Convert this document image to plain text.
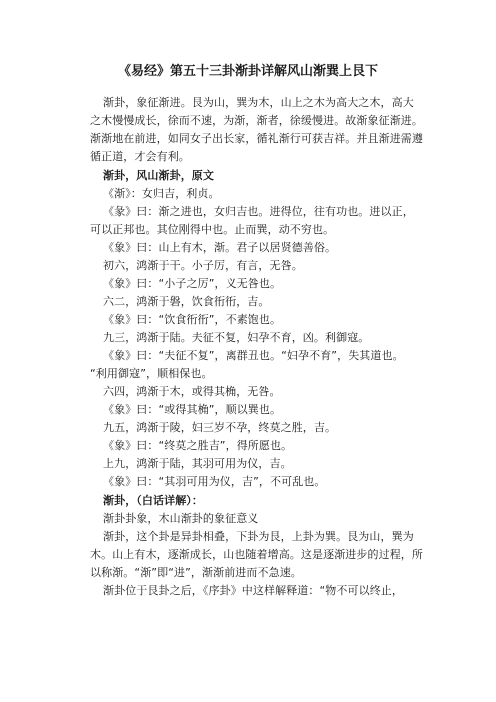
《易经》第五十三卦渐卦详解风山渐巽上艮下
渐卦，象征渐进。艮为山，巽为木，山上之木为高大之木，高大
之木慢慢成长，徐而不速，为渐，渐者，徐缓慢进。故渐象征渐进。
渐渐地在前进，如同女子出长家，循礼渐行可获吉祥。并且渐进需遵
循正道，才会有利。
渐卦，风山渐卦，原文
《渐》：女归吉，利贞。
《彖》曰：渐之进也，女归吉也。进得位，往有功也。进以正，
可以正邦也。其位刚得中也。止而巽，动不穷也。
《象》曰：山上有木，渐。君子以居贤德善俗。
初六，鸿渐于干。小子厉，有言，无咎。
《象》曰：“小子之厉”，义无咎也。
六二，鸿渐于磐，饮食衎衎，吉。
《象》曰：“饮食衎衎”，不素饱也。
九三，鸿渐于陆。夫征不复，妇孕不育，凶。利御寇。
《象》曰：“夫征不复”，离群丑也。“妇孕不育”，失其道也。
“利用御寇”，顺相保也。
六四，鸿渐于木，或得其桷，无咎。
《象》曰：“或得其桷”，顺以巽也。
九五，鸿渐于陵，妇三岁不孕，终莫之胜，吉。
《象》曰：“终莫之胜吉”，得所愿也。
上九，鸿渐于陆，其羽可用为仪，吉。
《象》曰：“其羽可用为仪，吉”，不可乱也。
渐卦，（白话详解）：
渐卦卦象，木山渐卦的象征意义
渐卦，这个卦是异卦相叠，下卦为艮，上卦为巽。艮为山，巽为
木。山上有木，逐渐成长，山也随着增高。这是逐渐进步的过程，所
以称渐。“渐”即“进”，渐渐前进而不急速。
渐卦位于艮卦之后，《序卦》中这样解释道：“物不可以终止，
